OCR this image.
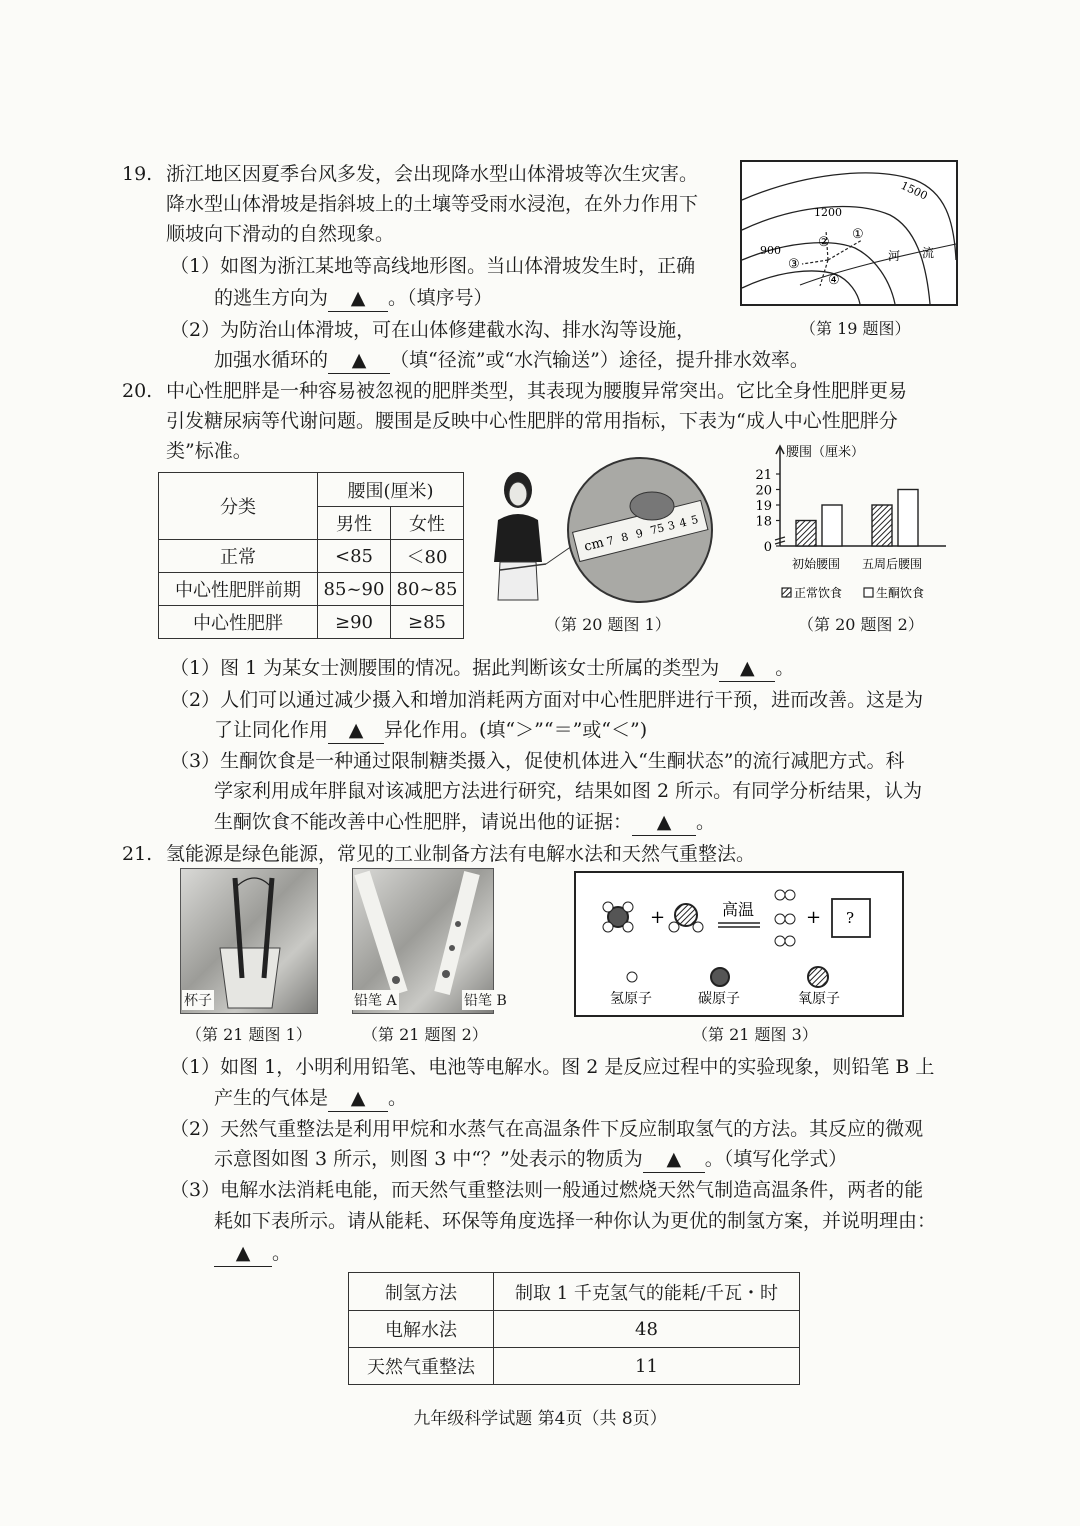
19. 浙江地区因夏季台风多发，会出现降水型山体滑坡等次生灾害。
降水型山体滑坡是指斜坡上的土壤等受雨水浸泡，在外力作用下
顺坡向下滑动的自然现象。
（1）如图为浙江某地等高线地形图。当山体滑坡发生时，正确
的逃生方向为 ▲ 。（填序号）
（2）为防治山体滑坡，可在山体修建截水沟、排水沟等设施，
加强水循环的 ▲ （填“径流”或“水汽输送”）途径，提升排水效率。
1500
1200
900	河 流
①
②
③
④
（第 19 题图）
20. 中心性肥胖是一种容易被忽视的肥胖类型，其表现为腰腹异常突出。它比全身性肥胖更易
引发糖尿病等代谢问题。腰围是反映中心性肥胖的常用指标，下表为“成人中心性肥胖分
类”标准。
分类	腰围(厘米)	
	男性	女性
正常	<85	＜80
中心性肥胖前期	85~90	80~85
中心性肥胖	≥90	≥85
cm 7 8 9 75 3 4 5
（第 20 题图 1）
腰围（厘米）
0
18
19
20
21
初始腰围 五周后腰围
正常饮食	生酮饮食
（第 20 题图 2）
（1）图 1 为某女士测腰围的情况。据此判断该女士所属的类型为 ▲ 。
（2）人们可以通过减少摄入和增加消耗两方面对中心性肥胖进行干预，进而改善。这是为
了让同化作用 ▲ 异化作用。(填“＞”“＝”或“＜”)
（3）生酮饮食是一种通过限制糖类摄入，促使机体进入“生酮状态”的流行减肥方式。科
学家利用成年胖鼠对该减肥方法进行研究，结果如图 2 所示。有同学分析结果，认为
生酮饮食不能改善中心性肥胖，请说出他的证据： ▲ 。
21. 氢能源是绿色能源，常见的工业制备方法有电解水法和天然气重整法。
杯子
（第 21 题图 1）
铅笔 A	铅笔 B
（第 21 题图 2）
+	高温	+ ?
氢原子	碳原子	氧原子
（第 21 题图 3）
（1）如图 1，小明利用铅笔、电池等电解水。图 2 是反应过程中的实验现象，则铅笔 B 上
产生的气体是 ▲ 。
（2）天然气重整法是利用甲烷和水蒸气在高温条件下反应制取氢气的方法。其反应的微观
示意图如图 3 所示，则图 3 中“？”处表示的物质为 ▲ 。（填写化学式）
（3）电解水法消耗电能，而天然气重整法则一般通过燃烧天然气制造高温条件，两者的能
耗如下表所示。请从能耗、环保等角度选择一种你认为更优的制氢方案，并说明理由：
▲ 。
制氢方法	制取 1 千克氢气的能耗/千瓦・时
电解水法	48
天然气重整法	11
九年级科学试题 第4页（共 8页）
